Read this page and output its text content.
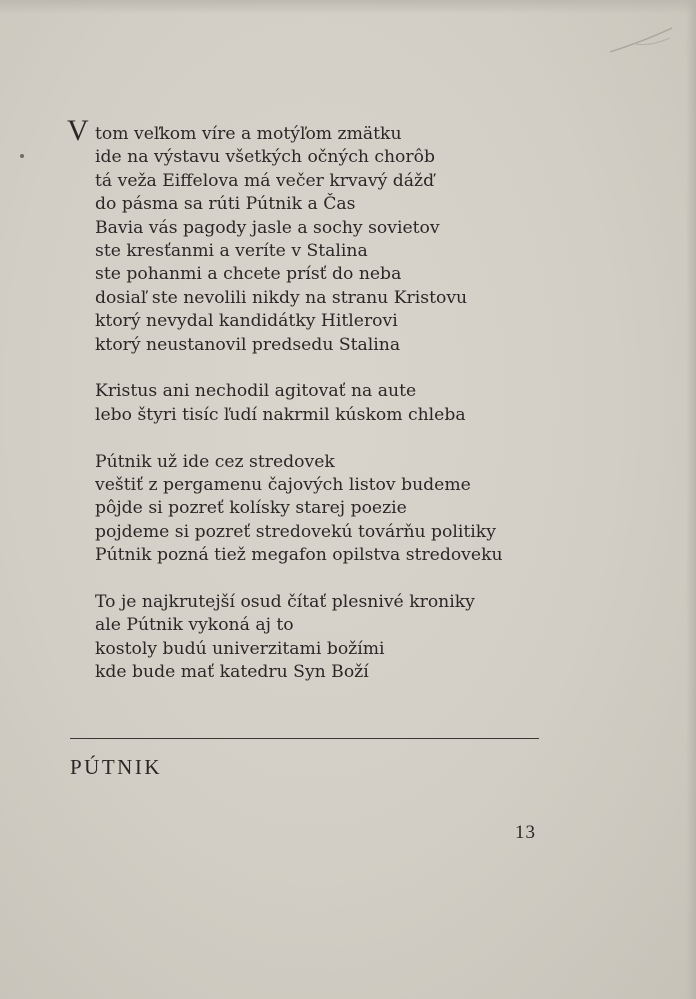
V tom veľkom víre a motýľom zmätku
ide na výstavu všetkých očných chorôb
tá veža Eiffelova má večer krvavý dážď
do pásma sa rúti Pútnik a Čas
Bavia vás pagody jasle a sochy sovietov
ste kresťanmi a veríte v Stalina
ste pohanmi a chcete prísť do neba
dosiaľ ste nevolili nikdy na stranu Kristovu
ktorý nevydal kandidátky Hitlerovi
ktorý neustanovil predsedu Stalina
Kristus ani nechodil agitovať na aute
lebo štyri tisíc ľudí nakrmil kúskom chleba
Pútnik už ide cez stredovek
veštiť z pergamenu čajových listov budeme
pôjde si pozreť kolísky starej poezie
pojdeme si pozreť stredovekú továrňu politiky
Pútnik pozná tiež megafon opilstva stredoveku
To je najkrutejší osud čítať plesnivé kroniky
ale Pútnik vykoná aj to
kostoly budú univerzitami božími
kde bude mať katedru Syn Boží
PÚTNIK
13
